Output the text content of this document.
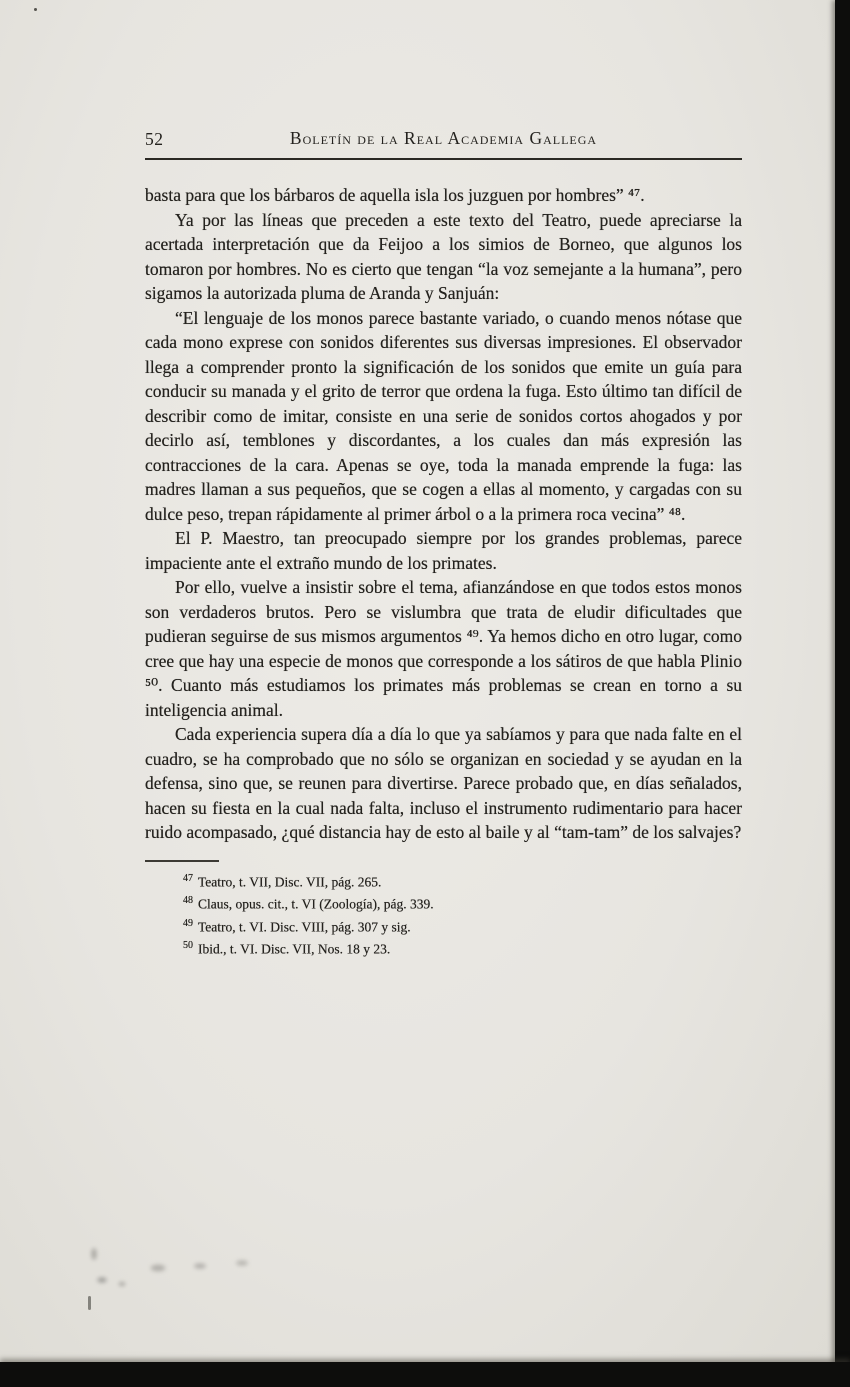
52	Boletín de la Real Academia Gallega

basta para que los bárbaros de aquella isla los juzguen por hombres” ⁴⁷.

Ya por las líneas que preceden a este texto del Teatro, puede apreciarse la acertada interpretación que da Feijoo a los simios de Borneo, que algunos los tomaron por hombres. No es cierto que tengan “la voz semejante a la humana”, pero sigamos la autorizada pluma de Aranda y Sanjuán:

“El lenguaje de los monos parece bastante variado, o cuando menos nótase que cada mono exprese con sonidos diferentes sus diversas impresiones. El observador llega a comprender pronto la significación de los sonidos que emite un guía para conducir su manada y el grito de terror que ordena la fuga. Esto último tan difícil de describir como de imitar, consiste en una serie de sonidos cortos ahogados y por decirlo así, temblones y discordantes, a los cuales dan más expresión las contracciones de la cara. Apenas se oye, toda la manada emprende la fuga: las madres llaman a sus pequeños, que se cogen a ellas al momento, y cargadas con su dulce peso, trepan rápidamente al primer árbol o a la primera roca vecina” ⁴⁸.

El P. Maestro, tan preocupado siempre por los grandes problemas, parece impaciente ante el extraño mundo de los primates.

Por ello, vuelve a insistir sobre el tema, afianzándose en que todos estos monos son verdaderos brutos. Pero se vislumbra que trata de eludir dificultades que pudieran seguirse de sus mismos argumentos ⁴⁹. Ya hemos dicho en otro lugar, como cree que hay una especie de monos que corresponde a los sátiros de que habla Plinio ⁵⁰. Cuanto más estudiamos los primates más problemas se crean en torno a su inteligencia animal.

Cada experiencia supera día a día lo que ya sabíamos y para que nada falte en el cuadro, se ha comprobado que no sólo se organizan en sociedad y se ayudan en la defensa, sino que, se reunen para divertirse. Parece probado que, en días señalados, hacen su fiesta en la cual nada falta, incluso el instrumento rudimentario para hacer ruido acompasado, ¿qué distancia hay de esto al baile y al “tam-tam” de los salvajes?

$^{47}$ Teatro, t. VII, Disc. VII, pág. 265.
$^{48}$ Claus, opus. cit., t. VI (Zoología), pág. 339.
$^{49}$ Teatro, t. VI. Disc. VIII, pág. 307 y sig.
$^{50}$ Ibid., t. VI. Disc. VII, Nos. 18 y 23.
